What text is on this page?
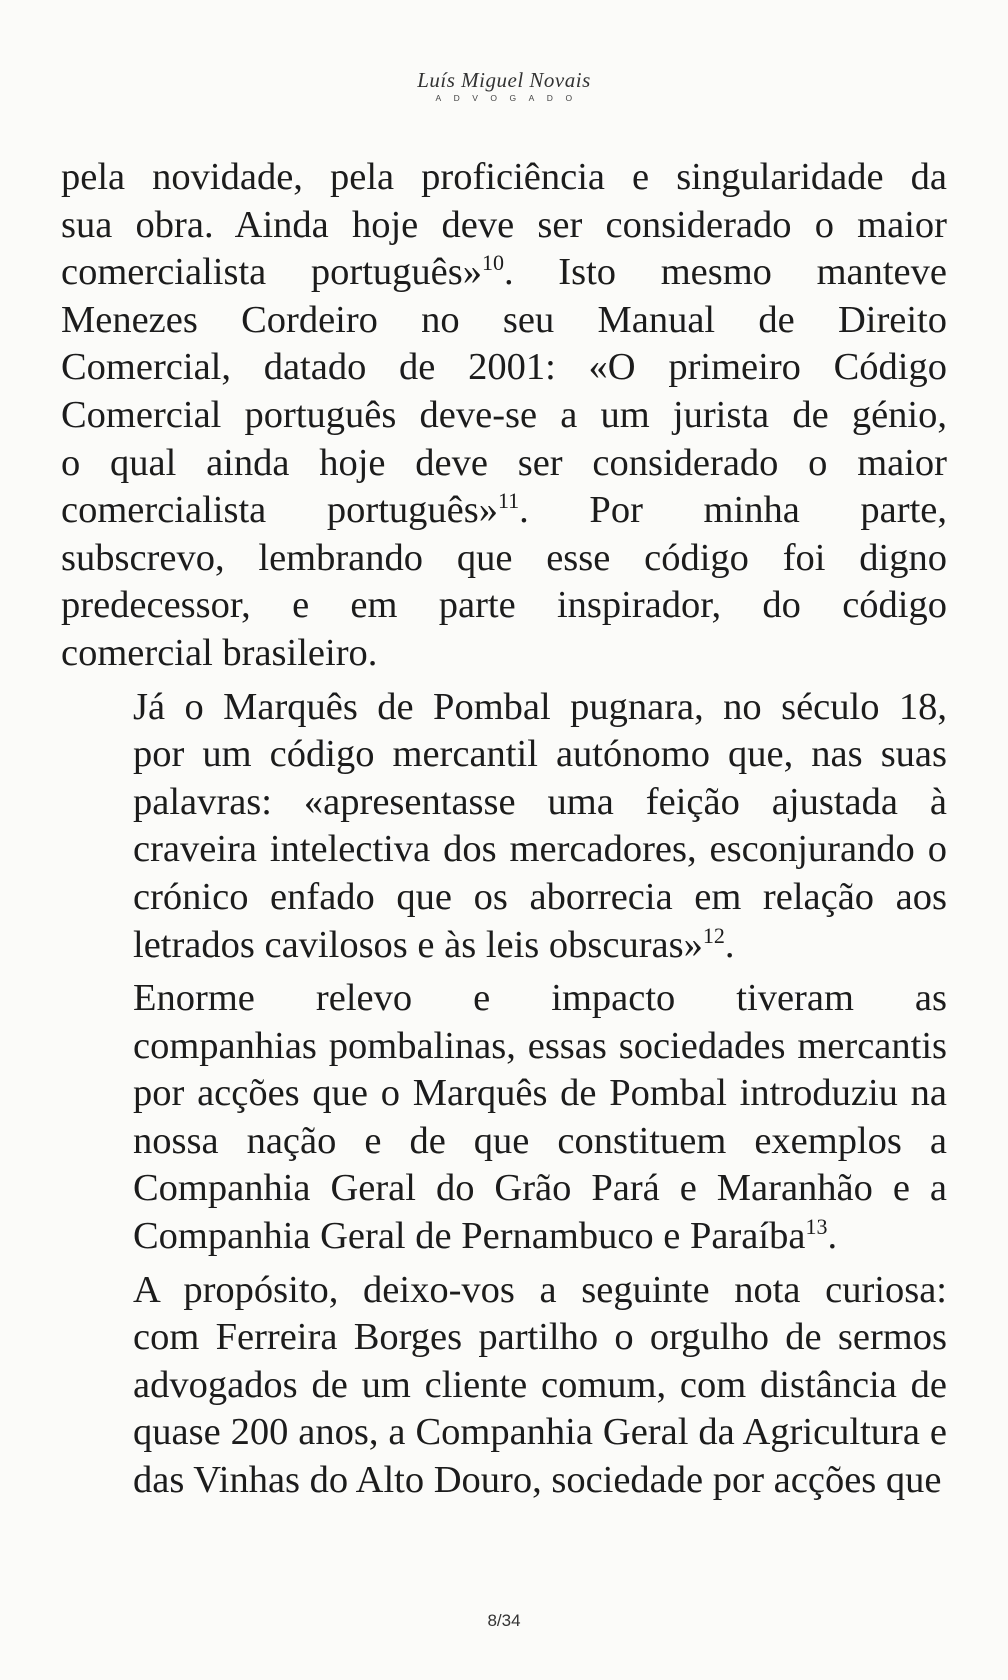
Luís Miguel Novais
ADVOGADO
pela novidade, pela proficiência e singularidade da
sua obra. Ainda hoje deve ser considerado o maior
comercialista português»$^{10}$. Isto mesmo manteve
Menezes Cordeiro no seu Manual de Direito
Comercial, datado de 2001: «O primeiro Código
Comercial português deve-se a um jurista de génio,
o qual ainda hoje deve ser considerado o maior
comercialista português»$^{11}$. Por minha parte,
subscrevo, lembrando que esse código foi digno
predecessor, e em parte inspirador, do código
comercial brasileiro.
Já o Marquês de Pombal pugnara, no século 18,
por um código mercantil autónomo que, nas suas
palavras: «apresentasse uma feição ajustada à
craveira intelectiva dos mercadores, esconjurando o
crónico enfado que os aborrecia em relação aos
letrados cavilosos e às leis obscuras»$^{12}$.
Enorme relevo e impacto tiveram as
companhias pombalinas, essas sociedades mercantis
por acções que o Marquês de Pombal introduziu na
nossa nação e de que constituem exemplos a
Companhia Geral do Grão Pará e Maranhão e a
Companhia Geral de Pernambuco e Paraíba$^{13}$.
A propósito, deixo-vos a seguinte nota curiosa:
com Ferreira Borges partilho o orgulho de sermos
advogados de um cliente comum, com distância de
quase 200 anos, a Companhia Geral da Agricultura e
das Vinhas do Alto Douro, sociedade por acções que
8/34
